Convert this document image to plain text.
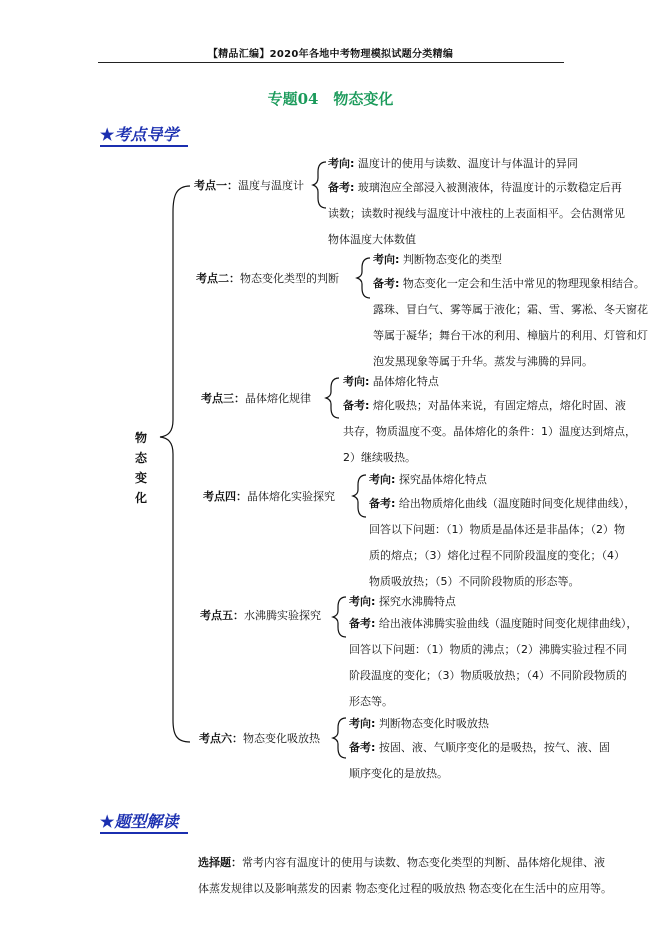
【精品汇编】2020年各地中考物理模拟试题分类精编
专题04　物态变化
★考点导学
物
态
变
化
考点一：温度与温度计
考向: 温度计的使用与读数、温度计与体温计的异同
备考: 玻璃泡应全部浸入被测液体，待温度计的示数稳定后再
读数；读数时视线与温度计中液柱的上表面相平。会估测常见
物体温度大体数值
考点二：物态变化类型的判断
考向: 判断物态变化的类型
备考: 物态变化一定会和生活中常见的物理现象相结合。
露珠、冒白气、雾等属于液化；霜、雪、雾凇、冬天窗花
等属于凝华；舞台干冰的利用、樟脑片的利用、灯管和灯
泡发黑现象等属于升华。蒸发与沸腾的异同。
考点三：晶体熔化规律
考向: 晶体熔化特点
备考: 熔化吸热；对晶体来说，有固定熔点，熔化时固、液
共存，物质温度不变。晶体熔化的条件：1）温度达到熔点，
2）继续吸热。
考点四：晶体熔化实验探究
考向: 探究晶体熔化特点
备考: 给出物质熔化曲线（温度随时间变化规律曲线），
回答以下问题：（1）物质是晶体还是非晶体；（2）物
质的熔点；（3）熔化过程不同阶段温度的变化；（4）
物质吸放热；（5）不同阶段物质的形态等。
考点五：水沸腾实验探究
考向: 探究水沸腾特点
备考: 给出液体沸腾实验曲线（温度随时间变化规律曲线），
回答以下问题：（1）物质的沸点；（2）沸腾实验过程不同
阶段温度的变化；（3）物质吸放热；（4）不同阶段物质的
形态等。
考点六：物态变化吸放热
考向: 判断物态变化时吸放热
备考: 按固、液、气顺序变化的是吸热，按气、液、固
顺序变化的是放热。
★题型解读
选择题：常考内容有温度计的使用与读数、物态变化类型的判断、晶体熔化规律、液
体蒸发规律以及影响蒸发的因素 物态变化过程的吸放热 物态变化在生活中的应用等。
